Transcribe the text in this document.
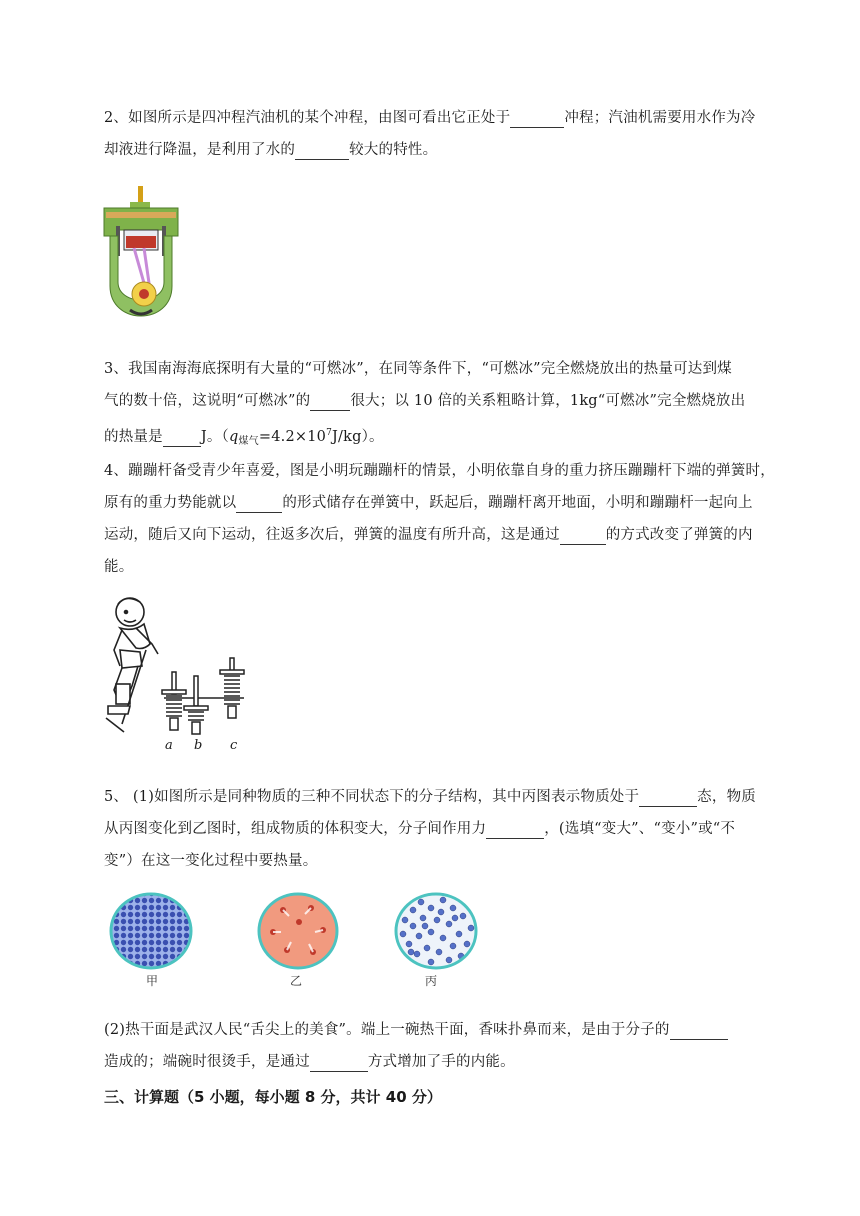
2、如图所示是四冲程汽油机的某个冲程，由图可看出它正处于	冲程；汽油机需要用水作为冷
却液进行降温，是利用了水的	较大的特性。
3、我国南海海底探明有大量的“可燃冰”，在同等条件下，“可燃冰”完全燃烧放出的热量可达到煤
气的数十倍，这说明“可燃冰”的	很大；以 10 倍的关系粗略计算，1kg“可燃冰”完全燃烧放出
的热量是	J。$(q_{煤气}=4.2\times 10^7J/kg)$。
4、蹦蹦杆备受青少年喜爱，图是小明玩蹦蹦杆的情景，小明依靠自身的重力挤压蹦蹦杆下端的弹簧时，
原有的重力势能就以	的形式储存在弹簧中，跃起后，蹦蹦杆离开地面，小明和蹦蹦杆一起向上
运动，随后又向下运动，往返多次后，弹簧的温度有所升高，这是通过	的方式改变了弹簧的内
能。
a b c
5、 (1)如图所示是同种物质的三种不同状态下的分子结构，其中丙图表示物质处于	态，物质
从丙图变化到乙图时，组成物质的体积变大，分子间作用力	，(选填“变大”、“变小”或“不
变”）在这一变化过程中要热量。
甲	乙	丙
(2)热干面是武汉人民“舌尖上的美食”。端上一碗热干面，香味扑鼻而来，是由于分子的
造成的；端碗时很烫手，是通过	方式增加了手的内能。
三、计算题（5 小题，每小题 8 分，共计 40 分）
